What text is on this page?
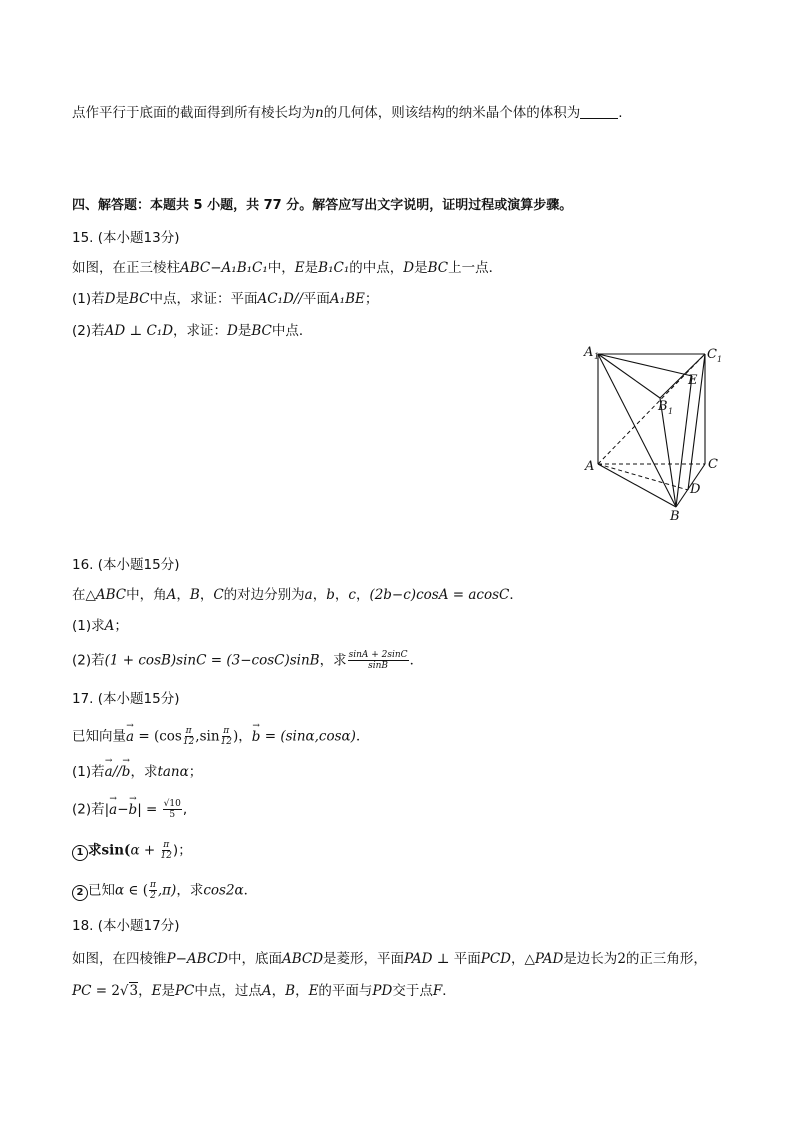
点作平行于底面的截面得到所有棱长均为n的几何体，则该结构的纳米晶个体的体积为	.
四、解答题：本题共 5 小题，共 77 分。解答应写出文字说明，证明过程或演算步骤。
15. (本小题13分)
如图，在正三棱柱ABC−A₁B₁C₁中，E是B₁C₁的中点，D是BC上一点．
(1)若D是BC中点，求证：平面AC₁D//平面A₁BE；
(2)若AD ⊥ C₁D，求证：D是BC中点．
A 1	C 1
E
B 1
A	C
D
B
16. (本小题15分)
在△ABC中，角A，B，C的对边分别为a，b，c，(2b−c)cosA = acosC．
(1)求A；
(2)若(1 + cosB)sinC = (3−cosC)sinB，求 $\frac{\sin A + 2\sin C}{\sin B}$ ．
17. (本小题15分)
已知向量→ $a = (\cos \frac{\pi}{12} ,\sin \frac{\pi}{12}$ )，→ b = (sinα,cosα)．
(1)若→ a//→ b，求tanα；
(2)若|→ $a-\to b| = \frac{√10}{5}$ ,
1 求$\sin(\alpha + \frac{\pi}{12}$ )；
2 已知α ∈ ( $\frac{\pi}{2} ,\pi$)，求cos2α．
18. (本小题17分)
如图，在四棱锥P−ABCD中，底面ABCD是菱形，平面PAD ⊥ 平面PCD，△PAD是边长为2的正三角形，
PC = 2√3，E是PC中点，过点A，B，E的平面与PD交于点F．
